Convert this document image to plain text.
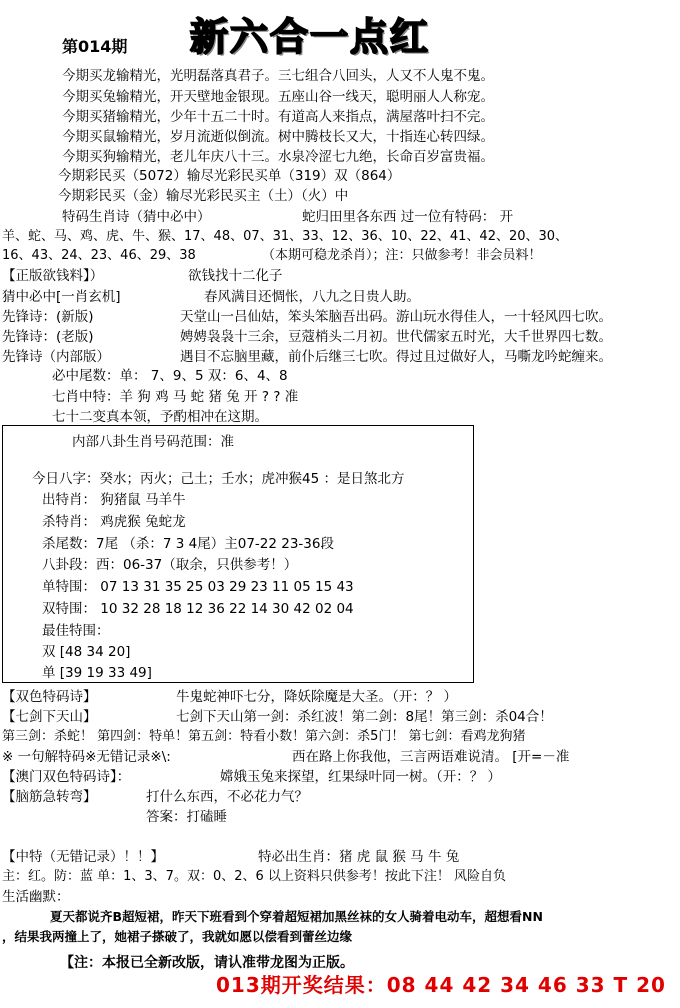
第014期 新六合一点红
今期买龙输精光，光明磊落真君子。三七组合八回头，人又不人鬼不鬼。
今期买兔输精光，开天壁地金银现。五座山谷一线天，聪明丽人人称宠。
今期买猪输精光，少年十五二十时。有道高人来指点，满屋落叶扫不完。
今期买鼠输精光，岁月流逝似倒流。树中腾枝长又大，十指连心转四绿。
今期买狗输精光，老儿年庆八十三。水泉冷涩七九绝，长命百岁富贵福。
今期彩民买（5072）输尽光彩民买单（319）双（864）
今期彩民买（金）输尽光彩民买主（土）（火）中
特码生肖诗（猜中必中）	蛇归田里各东西 过一位有特码： 开
羊、蛇、马、鸡、虎、牛、猴、17、48、07、31、33、12、36、10、22、41、42、20、30、
16、43、24、23、46、29、38	（本期可稳龙杀肖）；注：只做参考！非会员料！
【正版欲钱料】）	欲钱找十二化子
猜中必中[一肖玄机]	春风满目还惆怅，八九之日贵人助。
先锋诗：(新版)	天堂山一吕仙姑，笨头笨脑吾出码。游山玩水得佳人，一十轻风四七吹。
先锋诗：(老版)	娉娉袅袅十三余，豆蔻梢头二月初。世代儒家五时光，大千世界四七数。
先锋诗（内部版）	遇目不忘脑里藏，前仆后继三七吹。得过且过做好人，马嘶龙吟蛇缠来。
必中尾数：单： 7、9、5 双：6、4、8
七肖中特：羊 狗 鸡 马 蛇 猪 兔 开 ? ? 准
七十二变真本领，予酌相冲在这期。
内部八卦生肖号码范围：准
今日八字：癸水；丙火；己土；壬水；虎冲猴45 ：是日煞北方
出特肖： 狗猪鼠 马羊牛
杀特肖： 鸡虎猴 兔蛇龙
杀尾数：7尾 （杀：7 3 4尾）主07-22 23-36段
八卦段：西：06-37（取余，只供参考！）
单特围： 07 13 31 35 25 03 29 23 11 05 15 43
双特围： 10 32 28 18 12 36 22 14 30 42 02 04
最佳特围：
双 [48 34 20]
单 [39 19 33 49]
【双色特码诗】	牛鬼蛇神吓七分，降妖除魔是大圣。（开：？ ）
【七剑下天山】	七剑下天山第一剑：杀红波！第二剑：8尾！第三剑：杀04合！
第三剑：杀蛇！ 第四剑：特单！第五剑：特看小数！第六剑：杀5门！ 第七剑：看鸡龙狗猪
※ 一句解特码※无错记录※\:	西在路上你我他，三言两语难说清。 [开=－准
【澳门双色特码诗】：	嫦娥玉兔来探望，红果绿叶同一树。（开：？ ）
【脑筋急转弯】	打什么东西，不必花力气？
答案：打磕睡
【中特（无错记录）！！】	特必出生肖：猪 虎 鼠 猴 马 牛 兔
主：红。防：蓝 单：1、3、7。双：0、2、6 以上资料只供参考！按此下注！ 风险自负
生活幽默：
夏天都说齐B超短裙，昨天下班看到个穿着超短裙加黑丝袜的女人骑着电动车，超想看NN
，结果我两撞上了，她裙子搽破了，我就如愿以偿看到蕾丝边缘
【注：本报已全新改版，请认准带龙图为正版。
013期开奖结果：08 44 42 34 46 33 T 20
